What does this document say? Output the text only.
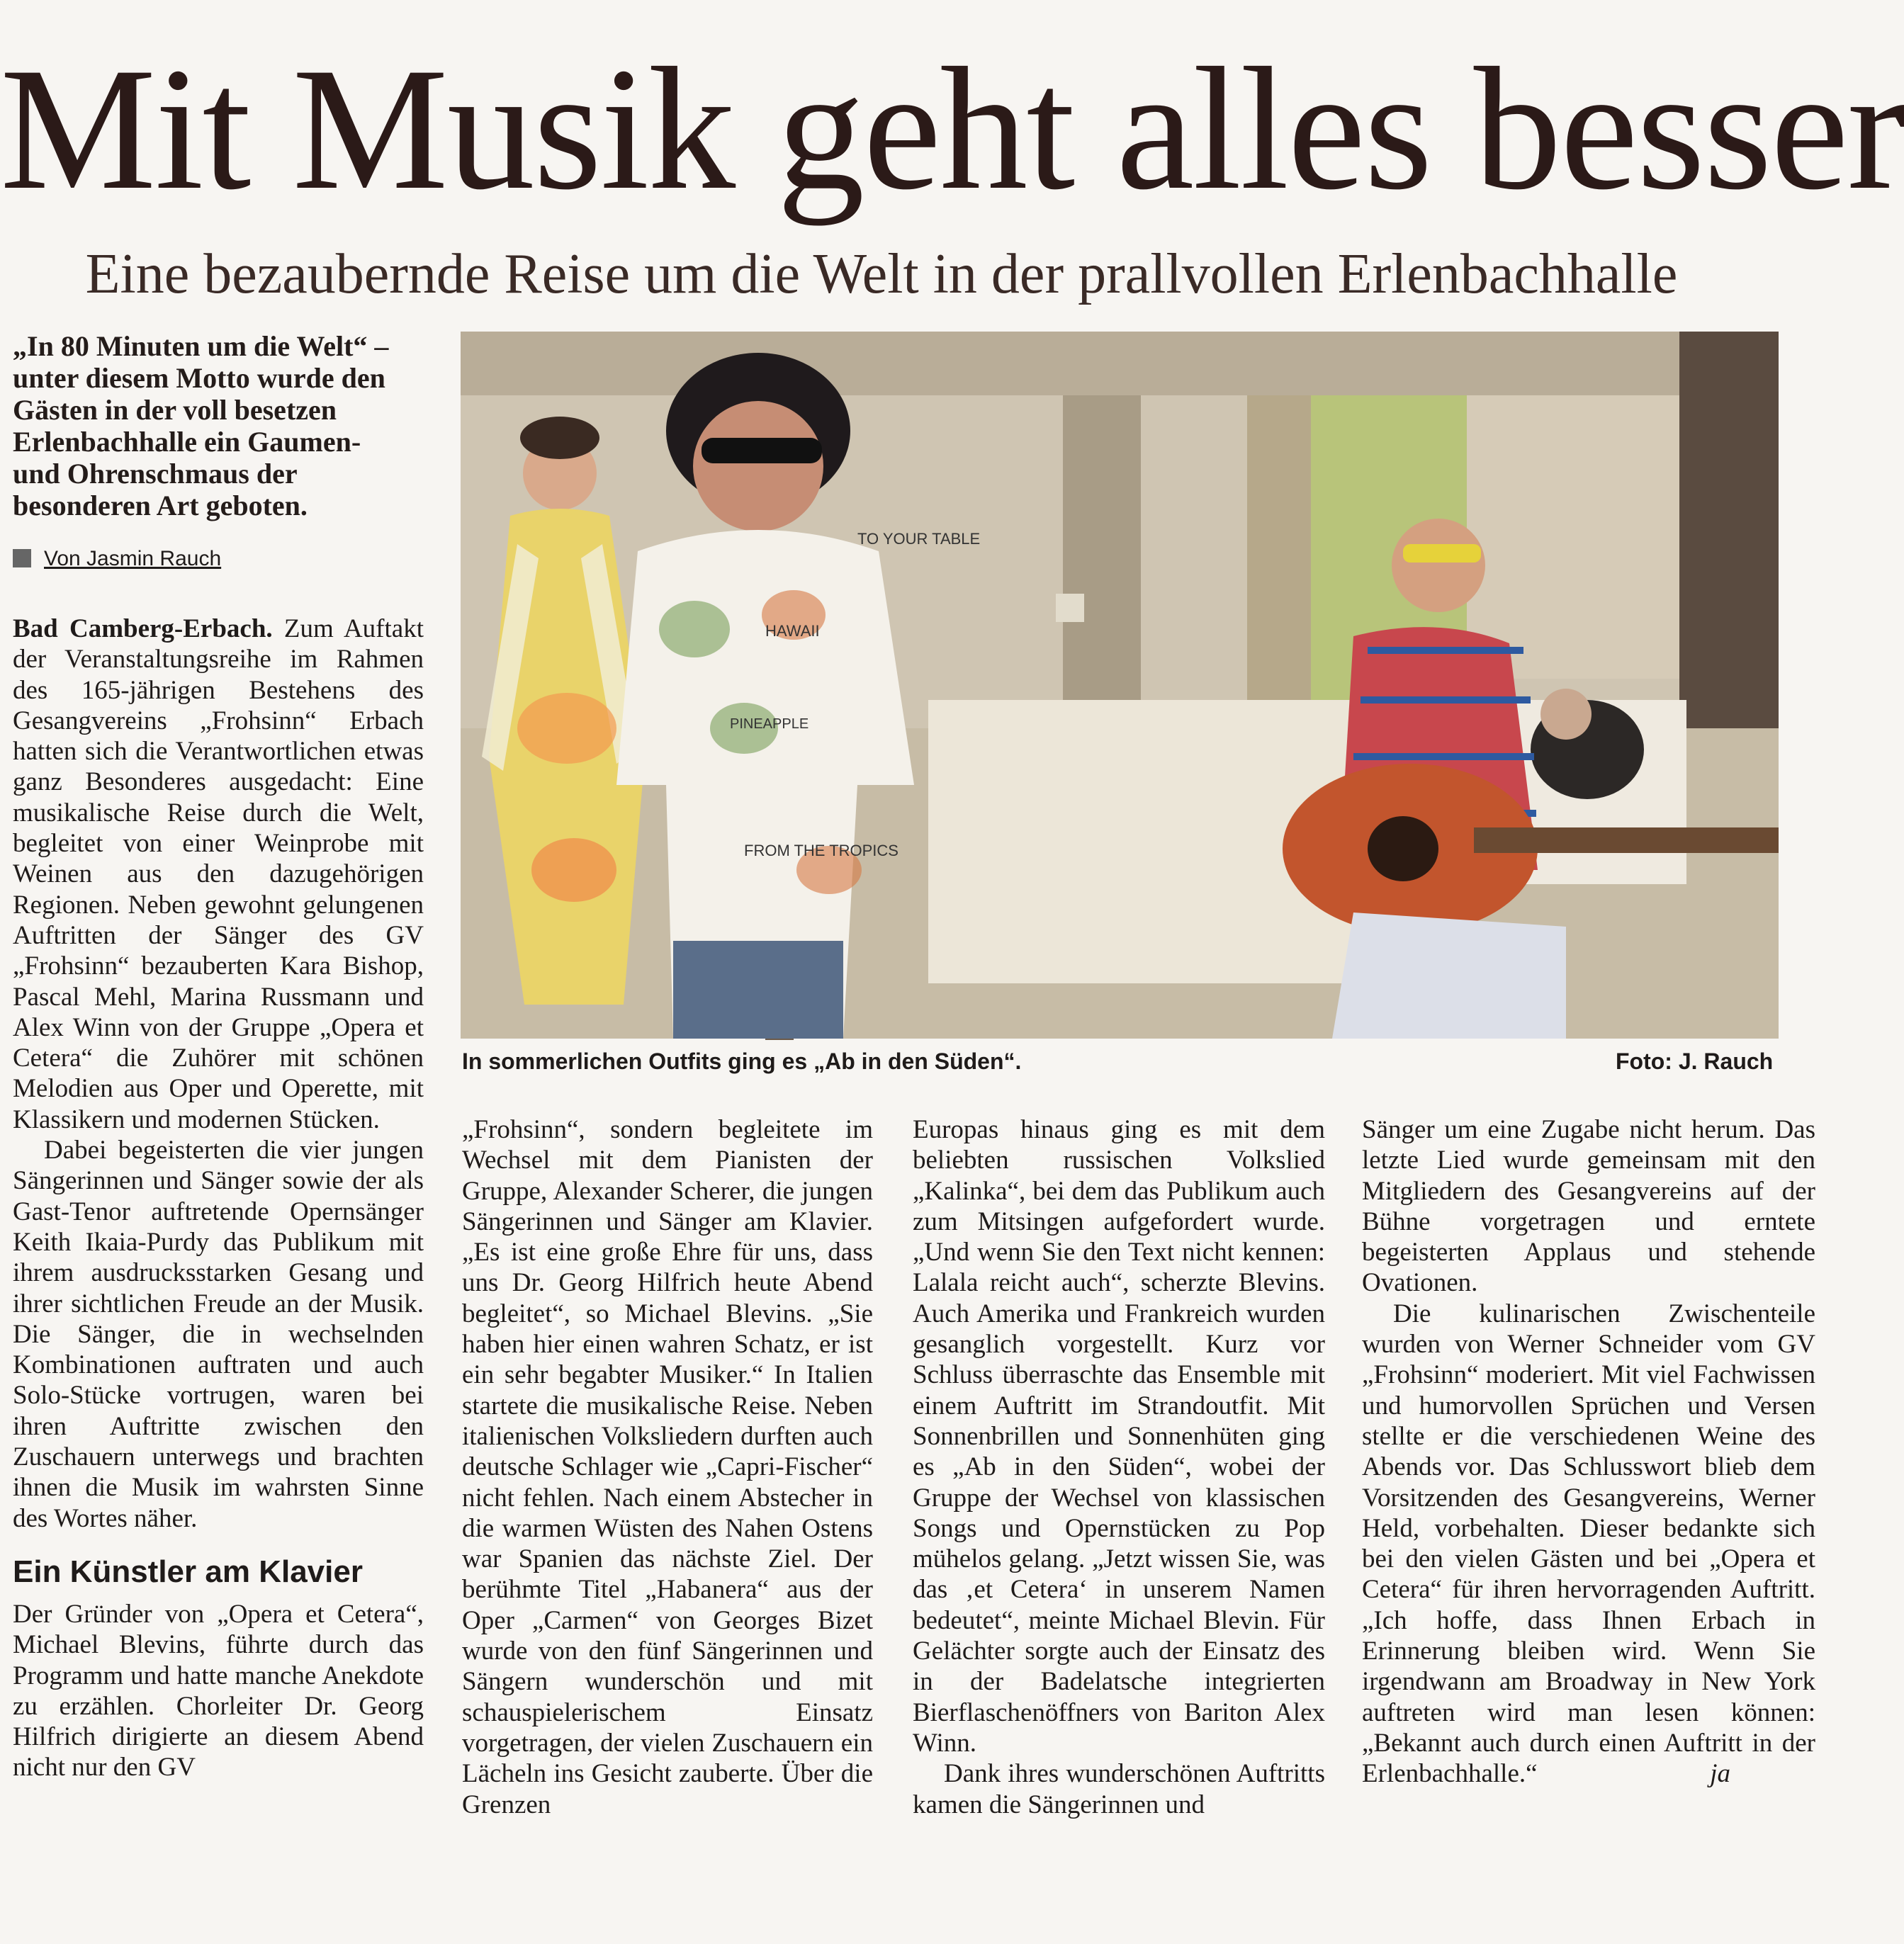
Mit Musik geht alles besser
Eine bezaubernde Reise um die Welt in der prallvollen Erlenbachhalle
„In 80 Minuten um die Welt“ – unter diesem Motto wurde den Gästen in der voll besetzen Erlenbachhalle ein Gaumen- und Ohrenschmaus der besonderen Art geboten.
Von Jasmin Rauch

Bad Camberg-Erbach. Zum Auftakt der Veranstaltungsreihe im Rahmen des 165-jährigen Bestehens des Gesangvereins „Frohsinn“ Erbach hatten sich die Verantwortlichen etwas ganz Besonderes ausgedacht: Eine musikalische Reise durch die Welt, begleitet von einer Weinprobe mit Weinen aus den dazugehörigen Regionen. Neben gewohnt gelungenen Auftritten der Sänger des GV „Frohsinn“ bezauberten Kara Bishop, Pascal Mehl, Marina Russmann und Alex Winn von der Gruppe „Opera et Cetera“ die Zuhörer mit schönen Melodien aus Oper und Operette, mit Klassikern und modernen Stücken.

Dabei begeisterten die vier jungen Sängerinnen und Sänger sowie der als Gast-Tenor auftretende Opernsänger Keith Ikaia-Purdy das Publikum mit ihrem ausdrucksstarken Gesang und ihrer sichtlichen Freude an der Musik. Die Sänger, die in wechselnden Kombinationen auftraten und auch Solo-Stücke vortrugen, waren bei ihren Auftritte zwischen den Zuschauern unterwegs und brachten ihnen die Musik im wahrsten Sinne des Wortes näher.

Ein Künstler am Klavier

Der Gründer von „Opera et Cetera“, Michael Blevins, führte durch das Programm und hatte manche Anekdote zu erzählen. Chorleiter Dr. Georg Hilfrich dirigierte an diesem Abend nicht nur den GV

TO YOUR TABLE
FROM THE TROPICS
HAWAII
PINEAPPLE
In sommerlichen Outfits ging es „Ab in den Süden“.	Foto: J. Rauch

„Frohsinn“, sondern begleitete im Wechsel mit dem Pianisten der Gruppe, Alexander Scherer, die jungen Sängerinnen und Sänger am Klavier. „Es ist eine große Ehre für uns, dass uns Dr. Georg Hilfrich heute Abend begleitet“, so Michael Blevins. „Sie haben hier einen wahren Schatz, er ist ein sehr begabter Musiker.“ In Italien startete die musikalische Reise. Neben italienischen Volksliedern durften auch deutsche Schlager wie „Capri-Fischer“ nicht fehlen. Nach einem Abstecher in die warmen Wüsten des Nahen Ostens war Spanien das nächste Ziel. Der berühmte Titel „Habanera“ aus der Oper „Carmen“ von Georges Bizet wurde von den fünf Sängerinnen und Sängern wunderschön und mit schauspielerischem Einsatz vorgetragen, der vielen Zuschauern ein Lächeln ins Gesicht zauberte. Über die Grenzen

Europas hinaus ging es mit dem beliebten russischen Volkslied „Kalinka“, bei dem das Publikum auch zum Mitsingen aufgefordert wurde. „Und wenn Sie den Text nicht kennen: Lalala reicht auch“, scherzte Blevins. Auch Amerika und Frankreich wurden gesanglich vorgestellt. Kurz vor Schluss überraschte das Ensemble mit einem Auftritt im Strandoutfit. Mit Sonnenbrillen und Sonnenhüten ging es „Ab in den Süden“, wobei der Gruppe der Wechsel von klassischen Songs und Opernstücken zu Pop mühelos gelang. „Jetzt wissen Sie, was das ‚et Cetera‘ in unserem Namen bedeutet“, meinte Michael Blevin. Für Gelächter sorgte auch der Einsatz des in der Badelatsche integrierten Bierflaschenöffners von Bariton Alex Winn.

Dank ihres wunderschönen Auftritts kamen die Sängerinnen und

Sänger um eine Zugabe nicht herum. Das letzte Lied wurde gemeinsam mit den Mitgliedern des Gesangvereins auf der Bühne vorgetragen und erntete begeisterten Applaus und stehende Ovationen.

Die kulinarischen Zwischenteile wurden von Werner Schneider vom GV „Frohsinn“ moderiert. Mit viel Fachwissen und humorvollen Sprüchen und Versen stellte er die verschiedenen Weine des Abends vor. Das Schlusswort blieb dem Vorsitzenden des Gesangvereins, Werner Held, vorbehalten. Dieser bedankte sich bei den vielen Gästen und bei „Opera et Cetera“ für ihren hervorragenden Auftritt. „Ich hoffe, dass Ihnen Erbach in Erinnerung bleiben wird. Wenn Sie irgendwann am Broadway in New York auftreten wird man lesen können: „Bekannt auch durch einen Auftritt in der Erlenbachhalle.“	ja
